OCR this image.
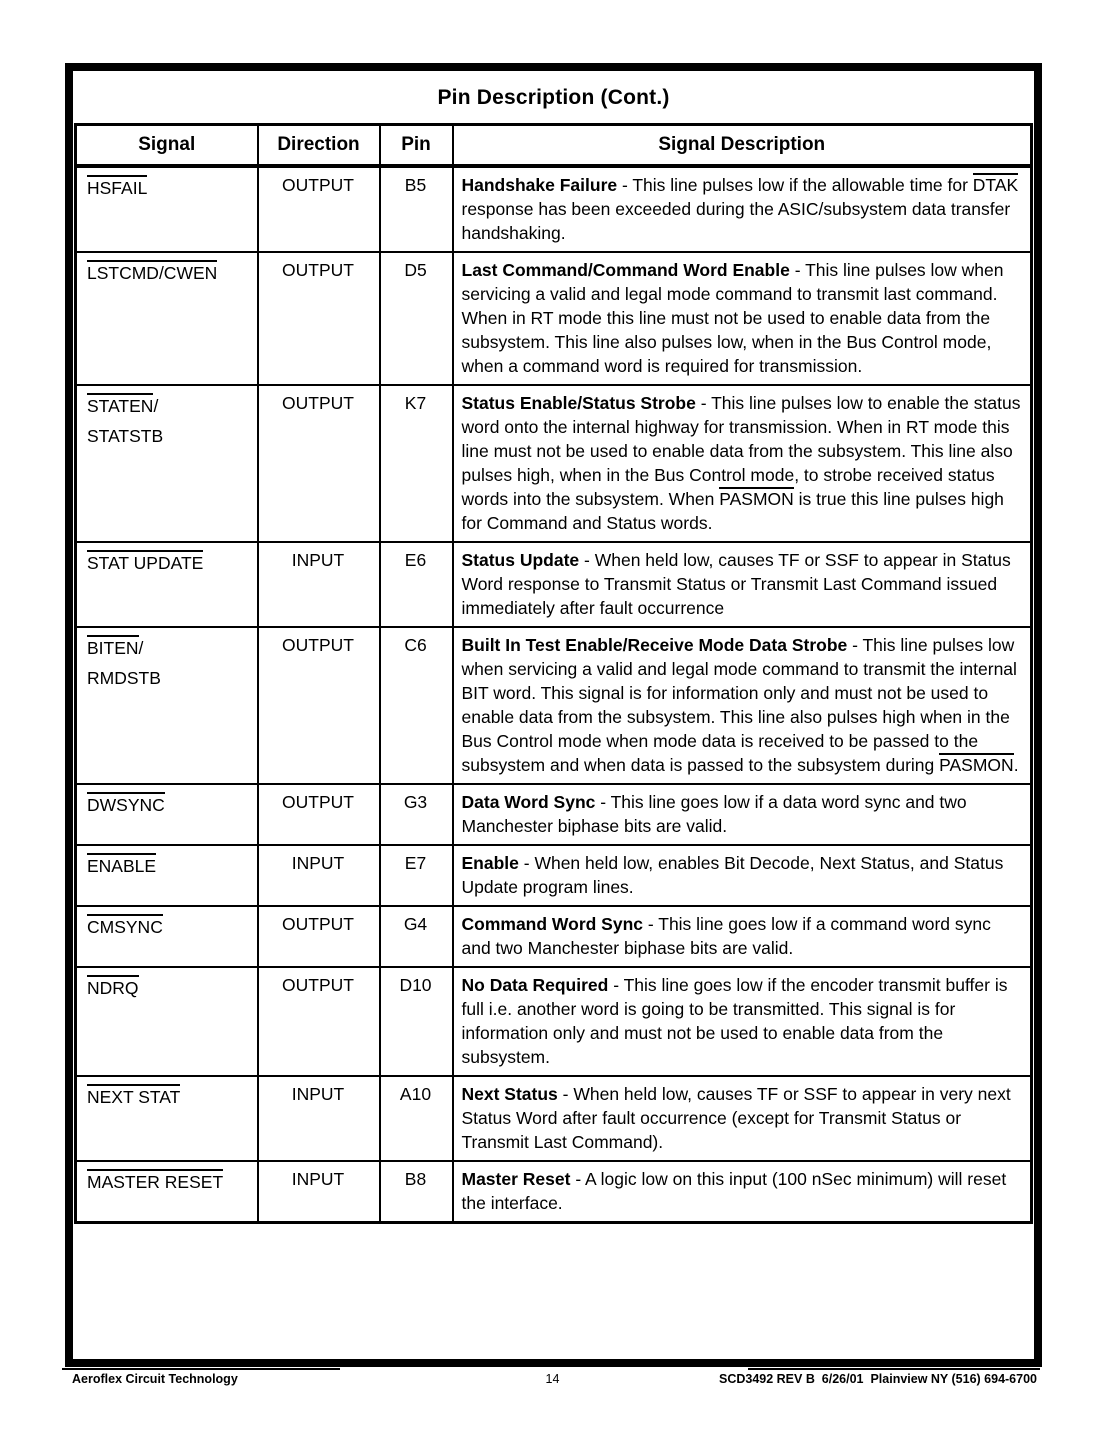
Pin Description (Cont.)
Signal	Direction	Pin	Signal Description

HSFAIL	OUTPUT	B5	Handshake Failure - This line pulses low if the allowable time for DTAK response has been exceeded during the ASIC/subsystem data transfer handshaking.

LSTCMD/CWEN	OUTPUT	D5	Last Command/Command Word Enable - This line pulses low when servicing a valid and legal mode command to transmit last command. When in RT mode this line must not be used to enable data from the subsystem. This line also pulses low, when in the Bus Control mode, when a command word is required for transmission.

STATEN/
STATSTB	OUTPUT	K7	Status Enable/Status Strobe - This line pulses low to enable the status word onto the internal highway for transmission. When in RT mode this line must not be used to enable data from the subsystem. This line also pulses high, when in the Bus Control mode, to strobe received status words into the subsystem. When PASMON is true this line pulses high for Command and Status words.

STAT UPDATE	INPUT	E6	Status Update - When held low, causes TF or SSF to appear in Status Word response to Transmit Status or Transmit Last Command issued immediately after fault occurrence

BITEN/
RMDSTB	OUTPUT	C6	Built In Test Enable/Receive Mode Data Strobe - This line pulses low when servicing a valid and legal mode command to transmit the internal BIT word. This signal is for information only and must not be used to enable data from the subsystem. This line also pulses high when in the Bus Control mode when mode data is received to be passed to the subsystem and when data is passed to the subsystem during PASMON.

DWSYNC	OUTPUT	G3	Data Word Sync - This line goes low if a data word sync and two Manchester biphase bits are valid.

ENABLE	INPUT	E7	Enable - When held low, enables Bit Decode, Next Status, and Status Update program lines.

CMSYNC	OUTPUT	G4	Command Word Sync - This line goes low if a command word sync and two Manchester biphase bits are valid.

NDRQ	OUTPUT	D10	No Data Required - This line goes low if the encoder transmit buffer is full i.e. another word is going to be transmitted. This signal is for information only and must not be used to enable data from the subsystem.

NEXT STAT	INPUT	A10	Next Status - When held low, causes TF or SSF to appear in very next Status Word after fault occurrence (except for Transmit Status or Transmit Last Command).

MASTER RESET	INPUT	B8	Master Reset - A logic low on this input (100 nSec minimum) will reset the interface.
Aeroflex Circuit Technology	14	SCD3492 REV B  6/26/01  Plainview NY (516) 694-6700
